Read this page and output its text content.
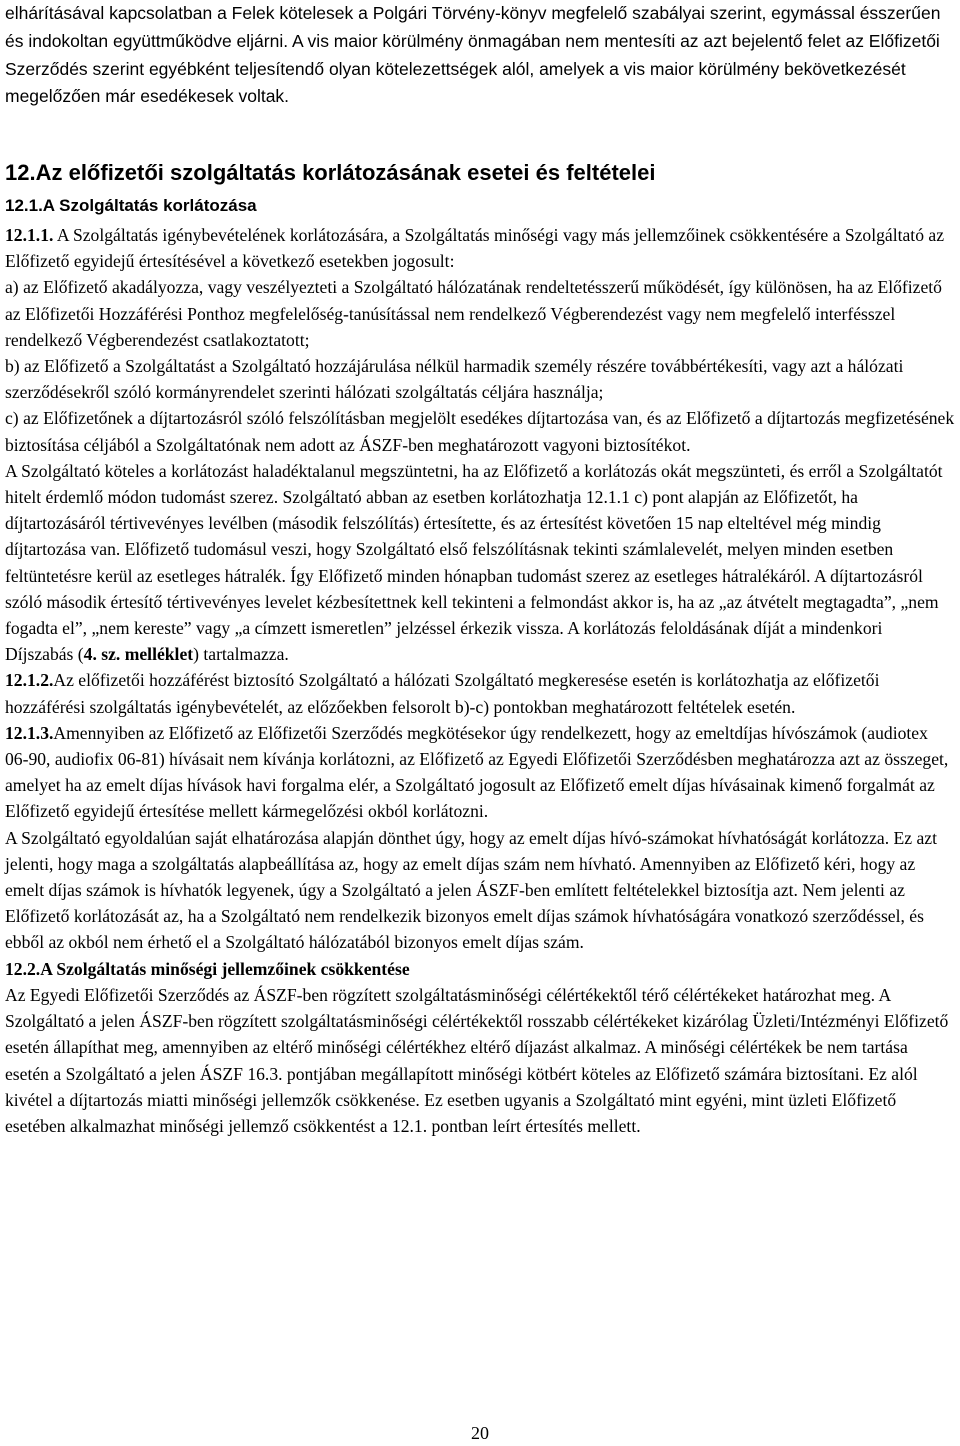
elhárításával kapcsolatban a Felek kötelesek a Polgári Törvény-könyv megfelelő szabályai szerint, egymással ésszerűen és indokoltan együttműködve eljárni. A vis maior körülmény önmagában nem mentesíti az azt bejelentő felet az Előfizetői Szerződés szerint egyébként teljesítendő olyan kötelezettségek alól, amelyek a vis maior körülmény bekövetkezését megelőzően már esedékesek voltak.

12.Az előfizetői szolgáltatás korlátozásának esetei és feltételei
12.1.A Szolgáltatás korlátozása

12.1.1. A Szolgáltatás igénybevételének korlátozására, a Szolgáltatás minőségi vagy más jellemzőinek csökkentésére a Szolgáltató az Előfizető egyidejű értesítésével a következő esetekben jogosult:

a) az Előfizető akadályozza, vagy veszélyezteti a Szolgáltató hálózatának rendeltetésszerű működését, így különösen, ha az Előfizető az Előfizetői Hozzáférési Ponthoz megfelelőség-tanúsítással nem rendelkező Végberendezést vagy nem megfelelő interfésszel rendelkező Végberendezést csatlakoztatott;

b) az Előfizető a Szolgáltatást a Szolgáltató hozzájárulása nélkül harmadik személy részére továbbértékesíti, vagy azt a hálózati szerződésekről szóló kormányrendelet szerinti hálózati szolgáltatás céljára használja;

c) az Előfizetőnek a díjtartozásról szóló felszólításban megjelölt esedékes díjtartozása van, és az Előfizető a díjtartozás megfizetésének biztosítása céljából a Szolgáltatónak nem adott az ÁSZF-ben meghatározott vagyoni biztosítékot.

A Szolgáltató köteles a korlátozást haladéktalanul megszüntetni, ha az Előfizető a korlátozás okát megszünteti, és erről a Szolgáltatót hitelt érdemlő módon tudomást szerez. Szolgáltató abban az esetben korlátozhatja 12.1.1 c) pont alapján az Előfizetőt, ha díjtartozásáról tértivevényes levélben (második felszólítás) értesítette, és az értesítést követően 15 nap elteltével még mindig díjtartozása van. Előfizető tudomásul veszi, hogy Szolgáltató első felszólításnak tekinti számlalevelét, melyen minden esetben feltüntetésre kerül az esetleges hátralék. Így Előfizető minden hónapban tudomást szerez az esetleges hátralékáról. A díjtartozásról szóló második értesítő tértivevényes levelet kézbesítettnek kell tekinteni a felmondást akkor is, ha az „az átvételt megtagadta”, „nem fogadta el”, „nem kereste” vagy „a címzett ismeretlen” jelzéssel érkezik vissza. A korlátozás feloldásának díját a mindenkori Díjszabás (4. sz. melléklet) tartalmazza.

12.1.2.Az előfizetői hozzáférést biztosító Szolgáltató a hálózati Szolgáltató megkeresése esetén is korlátozhatja az előfizetői hozzáférési szolgáltatás igénybevételét, az előzőekben felsorolt b)-c) pontokban meghatározott feltételek esetén.

12.1.3.Amennyiben az Előfizető az Előfizetői Szerződés megkötésekor úgy rendelkezett, hogy az emeltdíjas hívószámok (audiotex 06-90, audiofix 06-81) hívásait nem kívánja korlátozni, az Előfizető az Egyedi Előfizetői Szerződésben meghatározza azt az összeget, amelyet ha az emelt díjas hívások havi forgalma elér, a Szolgáltató jogosult az Előfizető emelt díjas hívásainak kimenő forgalmát az Előfizető egyidejű értesítése mellett kármegelőzési okból korlátozni.

A Szolgáltató egyoldalúan saját elhatározása alapján dönthet úgy, hogy az emelt díjas hívó-számokat hívhatóságát korlátozza. Ez azt jelenti, hogy maga a szolgáltatás alapbeállítása az, hogy az emelt díjas szám nem hívható. Amennyiben az Előfizető kéri, hogy az emelt díjas számok is hívhatók legyenek, úgy a Szolgáltató a jelen ÁSZF-ben említett feltételekkel biztosítja azt. Nem jelenti az Előfizető korlátozását az, ha a Szolgáltató nem rendelkezik bizonyos emelt díjas számok hívhatóságára vonatkozó szerződéssel, és ebből az okból nem érhető el a Szolgáltató hálózatából bizonyos emelt díjas szám.

12.2.A Szolgáltatás minőségi jellemzőinek csökkentése

Az Egyedi Előfizetői Szerződés az ÁSZF-ben rögzített szolgáltatásminőségi célértékektől térő célértékeket határozhat meg. A Szolgáltató a jelen ÁSZF-ben rögzített szolgáltatásminőségi célértékektől rosszabb célértékeket kizárólag Üzleti/Intézményi Előfizető esetén állapíthat meg, amennyiben az eltérő minőségi célértékhez eltérő díjazást alkalmaz. A minőségi célértékek be nem tartása esetén a Szolgáltató a jelen ÁSZF 16.3. pontjában megállapított minőségi kötbért köteles az Előfizető számára biztosítani. Ez alól kivétel a díjtartozás miatti minőségi jellemzők csökkenése. Ez esetben ugyanis a Szolgáltató mint egyéni, mint üzleti Előfizető esetében alkalmazhat minőségi jellemző csökkentést a 12.1. pontban leírt értesítés mellett.

20
